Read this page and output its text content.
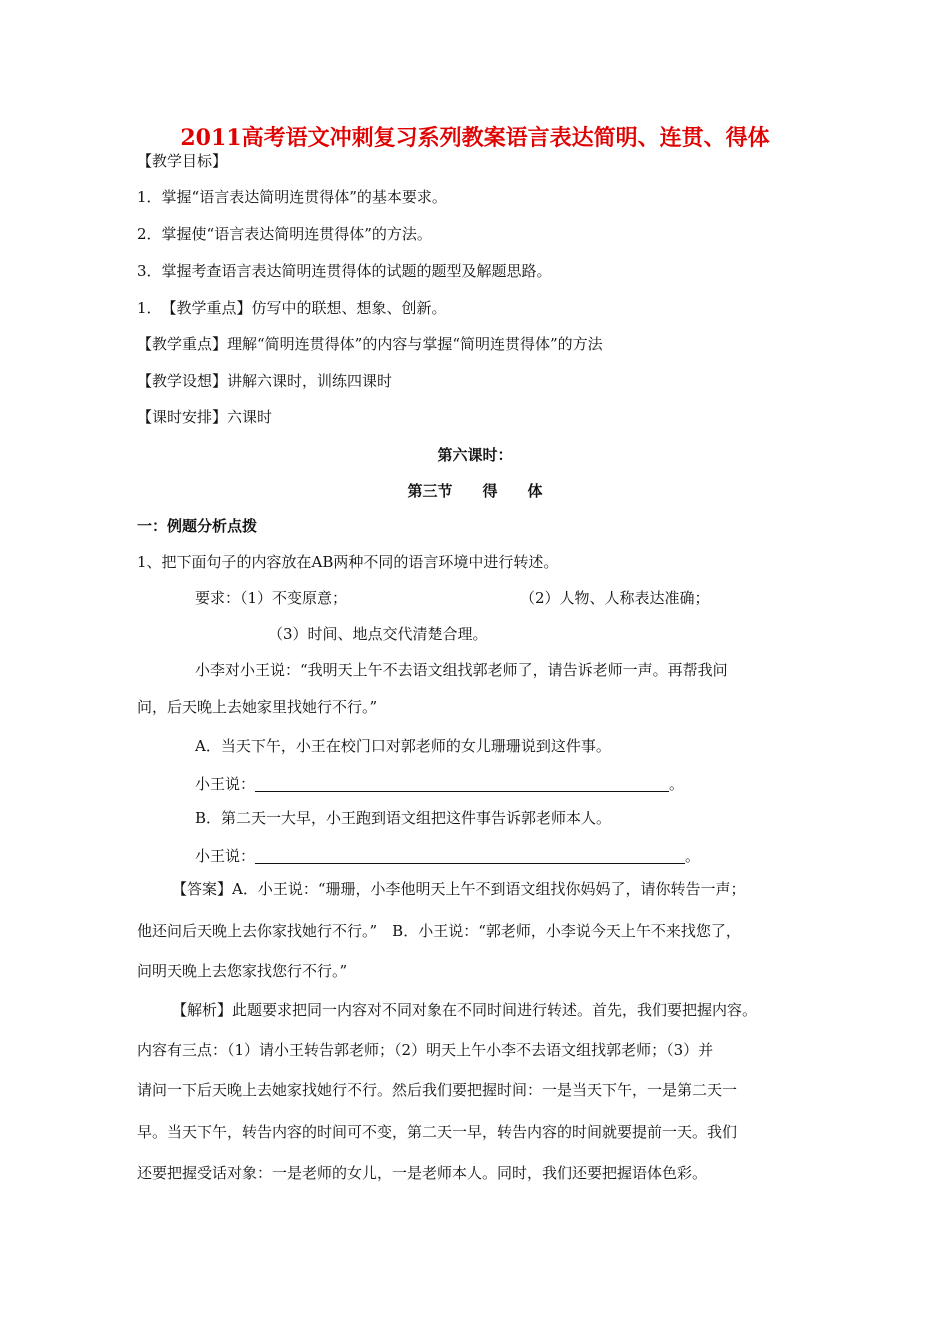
2011高考语文冲刺复习系列教案语言表达简明、连贯、得体
【教学目标】
1．掌握“语言表达简明连贯得体”的基本要求。
2．掌握使“语言表达简明连贯得体”的方法。
3．掌握考查语言表达简明连贯得体的试题的题型及解题思路。
1．　【教学重点】仿写中的联想、想象、创新。
【教学重点】理解“简明连贯得体”的内容与掌握“简明连贯得体”的方法
【教学设想】讲解六课时，训练四课时
【课时安排】六课时
第六课时：
第三节　　得　　体
一：例题分析点拨
1、把下面句子的内容放在AB两种不同的语言环境中进行转述。
要求：（1）不变原意；	（2）人物、人称表达准确；
（3）时间、地点交代清楚合理。
小李对小王说：“我明天上午不去语文组找郭老师了，请告诉老师一声。再帮我问
问，后天晚上去她家里找她行不行。”
A．当天下午，小王在校门口对郭老师的女儿珊珊说到这件事。
小王说：	。
B．第二天一大早，小王跑到语文组把这件事告诉郭老师本人。
小王说：	。
【答案】A．小王说：“珊珊，小李他明天上午不到语文组找你妈妈了，请你转告一声；
他还问后天晚上去你家找她行不行。”　B．小王说：“郭老师，小李说今天上午不来找您了，
问明天晚上去您家找您行不行。”
【解析】此题要求把同一内容对不同对象在不同时间进行转述。首先，我们要把握内容。
内容有三点：（1）请小王转告郭老师；（2）明天上午小李不去语文组找郭老师；（3）并
请问一下后天晚上去她家找她行不行。然后我们要把握时间：一是当天下午，一是第二天一
早。当天下午，转告内容的时间可不变，第二天一早，转告内容的时间就要提前一天。我们
还要把握受话对象：一是老师的女儿，一是老师本人。同时，我们还要把握语体色彩。
